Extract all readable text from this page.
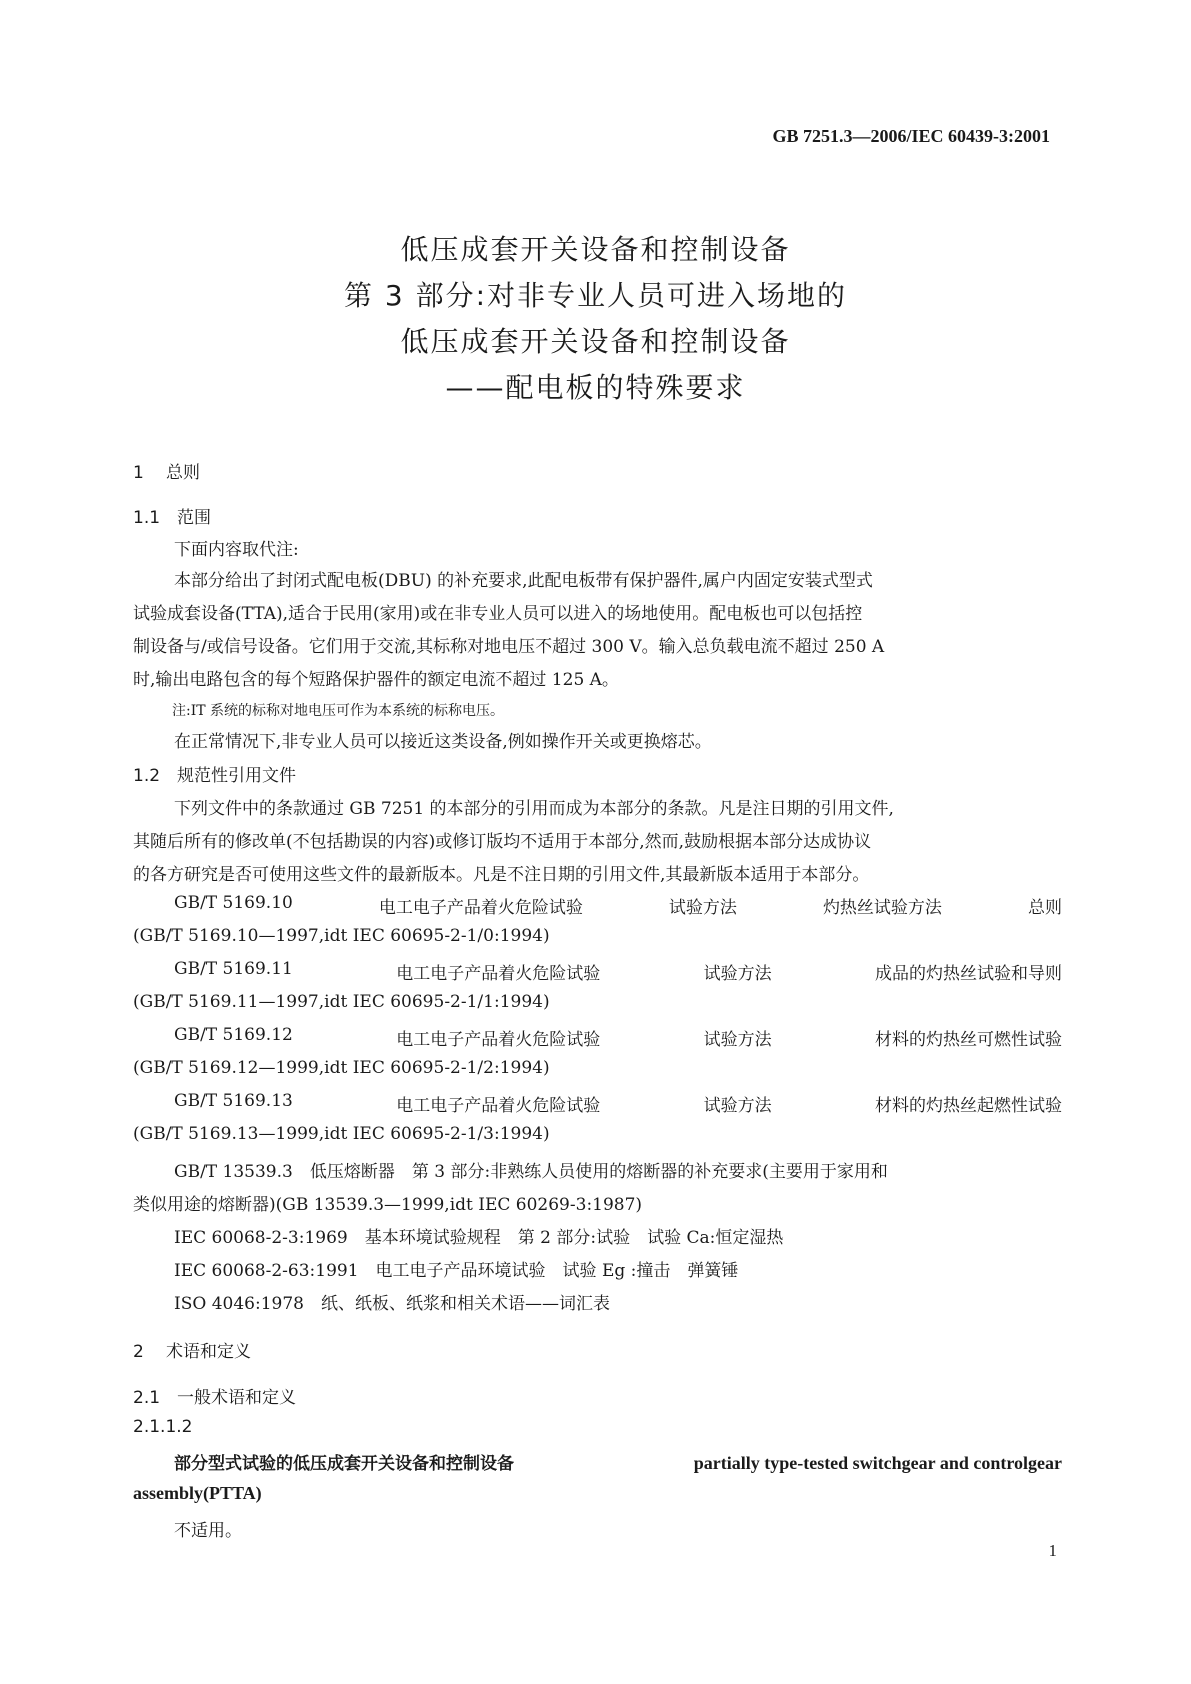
GB 7251.3—2006/IEC 60439-3:2001
低压成套开关设备和控制设备
第 3 部分:对非专业人员可进入场地的
低压成套开关设备和控制设备
——配电板的特殊要求
1 总则
1.1 范围
下面内容取代注:
本部分给出了封闭式配电板(DBU) 的补充要求,此配电板带有保护器件,属户内固定安装式型式
试验成套设备(TTA),适合于民用(家用)或在非专业人员可以进入的场地使用。配电板也可以包括控
制设备与/或信号设备。它们用于交流,其标称对地电压不超过 300 V。输入总负载电流不超过 250 A
时,输出电路包含的每个短路保护器件的额定电流不超过 125 A。
注:IT 系统的标称对地电压可作为本系统的标称电压。
在正常情况下,非专业人员可以接近这类设备,例如操作开关或更换熔芯。
1.2 规范性引用文件
下列文件中的条款通过 GB 7251 的本部分的引用而成为本部分的条款。凡是注日期的引用文件,
其随后所有的修改单(不包括勘误的内容)或修订版均不适用于本部分,然而,鼓励根据本部分达成协议
的各方研究是否可使用这些文件的最新版本。凡是不注日期的引用文件,其最新版本适用于本部分。
GB/T 5169.10	电工电子产品着火危险试验	试验方法	灼热丝试验方法	总则
(GB/T 5169.10—1997,idt IEC 60695-2-1/0:1994)
GB/T 5169.11	电工电子产品着火危险试验	试验方法	成品的灼热丝试验和导则
(GB/T 5169.11—1997,idt IEC 60695-2-1/1:1994)
GB/T 5169.12	电工电子产品着火危险试验	试验方法	材料的灼热丝可燃性试验
(GB/T 5169.12—1999,idt IEC 60695-2-1/2:1994)
GB/T 5169.13	电工电子产品着火危险试验	试验方法	材料的灼热丝起燃性试验
(GB/T 5169.13—1999,idt IEC 60695-2-1/3:1994)
GB/T 13539.3　低压熔断器　第 3 部分:非熟练人员使用的熔断器的补充要求(主要用于家用和
类似用途的熔断器)(GB 13539.3—1999,idt IEC 60269-3:1987)
IEC 60068-2-3:1969　基本环境试验规程　第 2 部分:试验　试验 Ca:恒定湿热
IEC 60068-2-63:1991　电工电子产品环境试验　试验 Eg :撞击　弹簧锤
ISO 4046:1978　纸、纸板、纸浆和相关术语——词汇表
2 术语和定义
2.1 一般术语和定义
2.1.1.2
部分型式试验的低压成套开关设备和控制设备	partially type-tested switchgear and controlgear
assembly(PTTA)
不适用。
1
